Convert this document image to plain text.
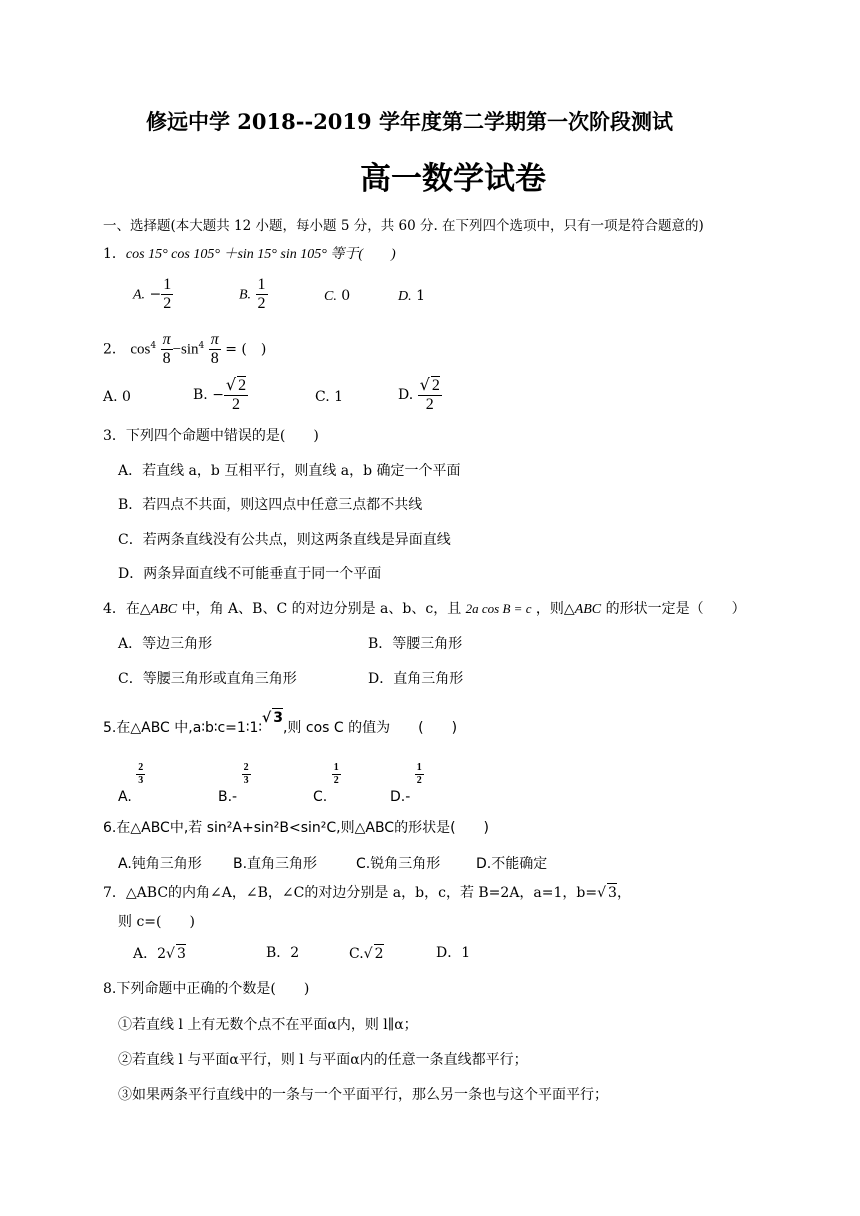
修远中学 2018--2019 学年度第二学期第一次阶段测试
高一数学试卷
一、选择题(本大题共 12 小题，每小题 5 分，共 60 分. 在下列四个选项中，只有一项是符合题意的)
1．cos 15° cos 105° ＋sin 15° sin 105° 等于(　　)
A. − $\frac{1}{2}$	B. $\frac{1}{2}$	C. 0	D. 1
2． $\cos^4 \frac{\pi}{8} -\sin^4 \frac{\pi}{8}$ = (　)
A. 0	B. − $\frac{√ 2}{2}$	C. 1	D. $\frac{√ 2}{2}$
3．下列四个命题中错误的是(　　)
A．若直线 a，b 互相平行，则直线 a，b 确定一个平面
B．若四点不共面，则这四点中任意三点都不共线
C．若两条直线没有公共点，则这两条直线是异面直线
D．两条异面直线不可能垂直于同一个平面
4．在△ABC 中，角 A、B、C 的对边分别是 a、b、c，且 2a cos B = c ，则△ABC 的形状一定是（　　）
A．等边三角形	B．等腰三角形
C．等腰三角形或直角三角形	D．直角三角形
5.在△ABC 中,a∶b∶c=1∶1∶√ 3,则 cos C 的值为　　(　　)
A.
$\frac{2}{3}$
B.-
$\frac{2}{3}$
C.
$\frac{1}{2}$
D.-
$\frac{1}{2}$
6.在△ABC中,若 sin²A+sin²B<sin²C,则△ABC的形状是(　　)
A.钝角三角形 B.直角三角形	C.锐角三角形	D.不能确定
7．△ABC的内角∠A，∠B，∠C的对边分别是 a，b，c，若 B=2A，a=1，b=√ 3，
则 c=(　　)
A．2√ 3	B．2	C.√ 2	D．1
8.下列命题中正确的个数是(　　)
①若直线 l 上有无数个点不在平面α内，则 l∥α；
②若直线 l 与平面α平行，则 l 与平面α内的任意一条直线都平行；
③如果两条平行直线中的一条与一个平面平行，那么另一条也与这个平面平行；
